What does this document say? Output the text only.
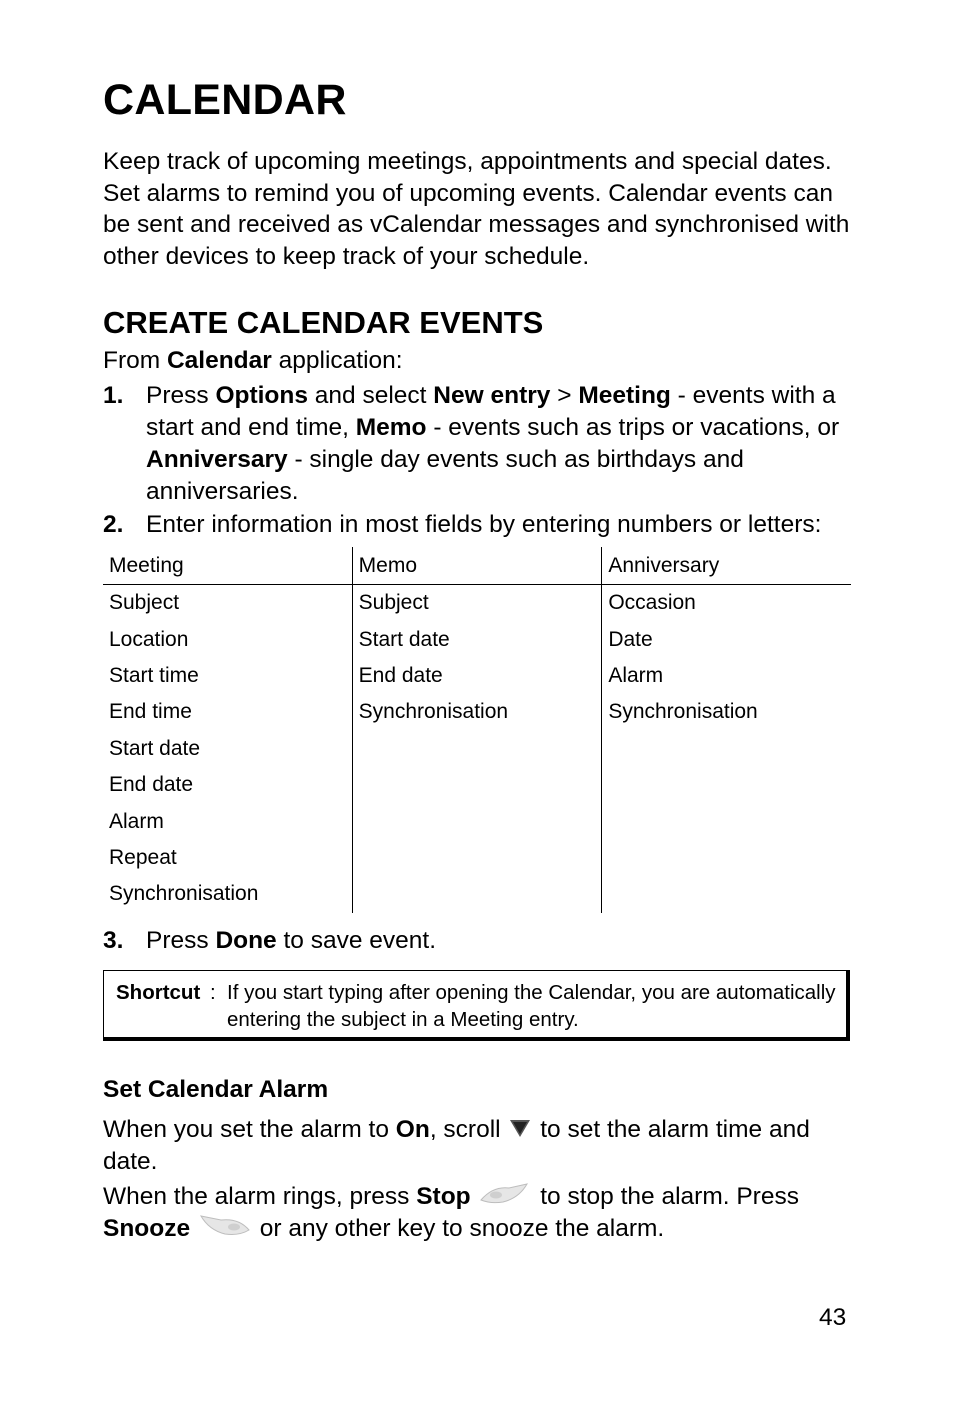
CALENDAR

Keep track of upcoming meetings, appointments and special dates. Set alarms to remind you of upcoming events. Calendar events can be sent and received as vCalendar messages and synchronised with other devices to keep track of your schedule.

CREATE CALENDAR EVENTS

From Calendar application:

1. Press Options and select New entry > Meeting - events with a start and end time, Memo - events such as trips or vacations, or Anniversary - single day events such as birthdays and anniversaries.
2. Enter information in most fields by entering numbers or letters:
Meeting	Memo	Anniversary
Subject	Subject	Occasion
Location	Start date	Date
Start time	End date	Alarm
End time	Synchronisation	Synchronisation
Start date		
End date		
Alarm		
Repeat		
Synchronisation		
3. Press Done to save event.
Shortcut : If you start typing after opening the Calendar, you are automatically entering the subject in a Meeting entry.
Set Calendar Alarm

When you set the alarm to On, scroll  to set the alarm time and date.

When the alarm rings, press Stop	to stop the alarm. Press Snooze	or any other key to snooze the alarm.

43
